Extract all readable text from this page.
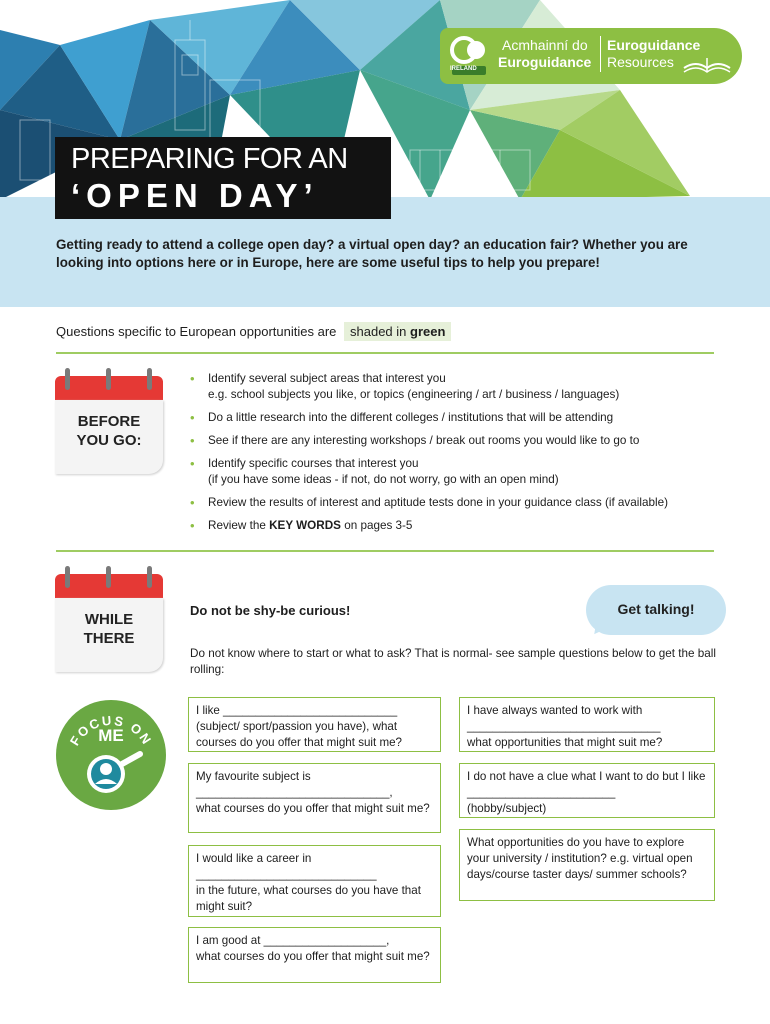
IRELAND
Acmhainní do
Euroguidance
Euroguidance
Resources
PREPARING FOR AN
‘OPEN DAY’
Getting ready to attend a college open day? a virtual open day? an education fair? Whether you are looking into options here or in Europe, here are some useful tips to help you prepare!
Questions specific to European opportunities are shaded in green
BEFORE
YOU GO:
• Identify several subject areas that interest you
e.g. school subjects you like, or topics (engineering / art / business / languages)
• Do a little research into the different colleges / institutions that will be attending
• See if there are any interesting workshops / break out rooms you would like to go to
• Identify specific courses that interest you
(if you have some ideas - if not, do not worry, go with an open mind)
• Review the results of interest and aptitude tests done in your guidance class (if available)
• Review the KEY WORDS on pages 3-5
WHILE
THERE
Do not be shy-be curious!	Get talking!
Do not know where to start or what to ask? That is normal- see sample questions below to get the ball rolling:
FOCUS ON
ME
I like ___________________________
(subject/ sport/passion you have), what courses do you offer that might suit me?
My favourite subject is
______________________________,
what courses do you offer that might suit me?
I would like a career in
____________________________
in the future, what courses do you have that might suit?
I am good at ___________________,
what courses do you offer that might suit me?
I have always wanted to work with
______________________________
what opportunities that might suit me?
I do not have a clue what I want to do but I like _______________________
(hobby/subject)
What opportunities do you have to explore your university / institution? e.g. virtual open days/course taster days/ summer schools?
